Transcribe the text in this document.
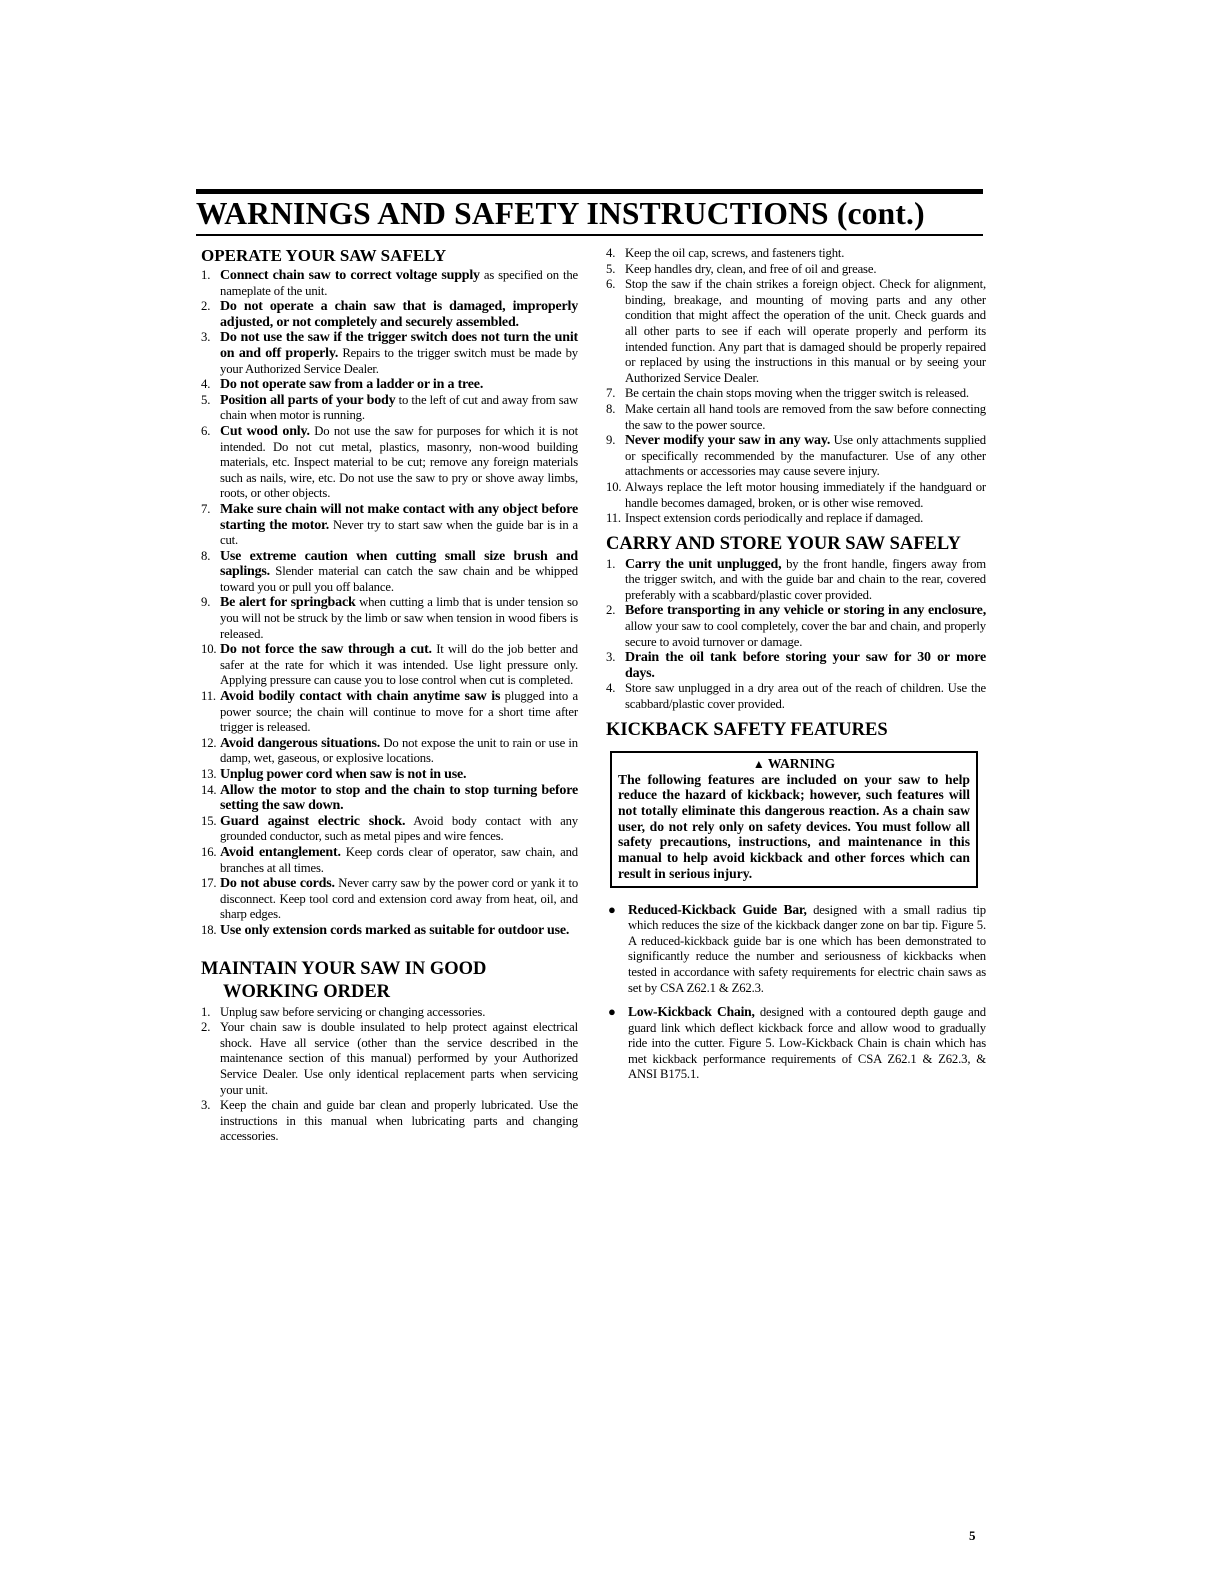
WARNINGS AND SAFETY INSTRUCTIONS (cont.)
OPERATE YOUR SAW SAFELY
1. Connect chain saw to correct voltage supply as specified on the nameplate of the unit.
2. Do not operate a chain saw that is damaged, improperly adjusted, or not completely and securely assembled.
3. Do not use the saw if the trigger switch does not turn the unit on and off properly. Repairs to the trigger switch must be made by your Authorized Service Dealer.
4. Do not operate saw from a ladder or in a tree.
5. Position all parts of your body to the left of cut and away from saw chain when motor is running.
6. Cut wood only. Do not use the saw for purposes for which it is not intended. Do not cut metal, plastics, masonry, non-wood building materials, etc. Inspect material to be cut; remove any foreign materials such as nails, wire, etc. Do not use the saw to pry or shove away limbs, roots, or other objects.
7. Make sure chain will not make contact with any object before starting the motor. Never try to start saw when the guide bar is in a cut.
8. Use extreme caution when cutting small size brush and saplings. Slender material can catch the saw chain and be whipped toward you or pull you off balance.
9. Be alert for springback when cutting a limb that is under tension so you will not be struck by the limb or saw when tension in wood fibers is released.
10. Do not force the saw through a cut. It will do the job better and safer at the rate for which it was intended. Use light pressure only. Applying pressure can cause you to lose control when cut is completed.
11. Avoid bodily contact with chain anytime saw is plugged into a power source; the chain will continue to move for a short time after trigger is released.
12. Avoid dangerous situations. Do not expose the unit to rain or use in damp, wet, gaseous, or explosive locations.
13. Unplug power cord when saw is not in use.
14. Allow the motor to stop and the chain to stop turning before setting the saw down.
15. Guard against electric shock. Avoid body contact with any grounded conductor, such as metal pipes and wire fences.
16. Avoid entanglement. Keep cords clear of operator, saw chain, and branches at all times.
17. Do not abuse cords. Never carry saw by the power cord or yank it to disconnect. Keep tool cord and extension cord away from heat, oil, and sharp edges.
18. Use only extension cords marked as suitable for outdoor use.
MAINTAIN YOUR SAW IN GOOD
WORKING ORDER
1. Unplug saw before servicing or changing accessories.
2. Your chain saw is double insulated to help protect against electrical shock. Have all service (other than the service described in the maintenance section of this manual) performed by your Authorized Service Dealer. Use only identical replacement parts when servicing your unit.
3. Keep the chain and guide bar clean and properly lubricated. Use the instructions in this manual when lubricating parts and changing accessories.
4. Keep the oil cap, screws, and fasteners tight.
5. Keep handles dry, clean, and free of oil and grease.
6. Stop the saw if the chain strikes a foreign object. Check for alignment, binding, breakage, and mounting of moving parts and any other condition that might affect the operation of the unit. Check guards and all other parts to see if each will operate properly and perform its intended function. Any part that is damaged should be properly repaired or replaced by using the instructions in this manual or by seeing your Authorized Service Dealer.
7. Be certain the chain stops moving when the trigger switch is released.
8. Make certain all hand tools are removed from the saw before connecting the saw to the power source.
9. Never modify your saw in any way. Use only attachments supplied or specifically recommended by the manufacturer. Use of any other attachments or accessories may cause severe injury.
10. Always replace the left motor housing immediately if the handguard or handle becomes damaged, broken, or is other wise removed.
11. Inspect extension cords periodically and replace if damaged.
CARRY AND STORE YOUR SAW SAFELY
1. Carry the unit unplugged, by the front handle, fingers away from the trigger switch, and with the guide bar and chain to the rear, covered preferably with a scabbard/plastic cover provided.
2. Before transporting in any vehicle or storing in any enclosure, allow your saw to cool completely, cover the bar and chain, and properly secure to avoid turnover or damage.
3. Drain the oil tank before storing your saw for 30 or more days.
4. Store saw unplugged in a dry area out of the reach of children. Use the scabbard/plastic cover provided.
KICKBACK SAFETY FEATURES
▲ WARNING
The following features are included on your saw to help reduce the hazard of kickback; however, such features will not totally eliminate this dangerous reaction. As a chain saw user, do not rely only on safety devices. You must follow all safety precautions, instructions, and maintenance in this manual to help avoid kickback and other forces which can result in serious injury.
● Reduced-Kickback Guide Bar, designed with a small radius tip which reduces the size of the kickback danger zone on bar tip. Figure 5. A reduced-kickback guide bar is one which has been demonstrated to significantly reduce the number and seriousness of kickbacks when tested in accordance with safety requirements for electric chain saws as set by CSA Z62.1 & Z62.3.
● Low-Kickback Chain, designed with a contoured depth gauge and guard link which deflect kickback force and allow wood to gradually ride into the cutter. Figure 5. Low-Kickback Chain is chain which has met kickback performance requirements of CSA Z62.1 & Z62.3, & ANSI B175.1.
5
